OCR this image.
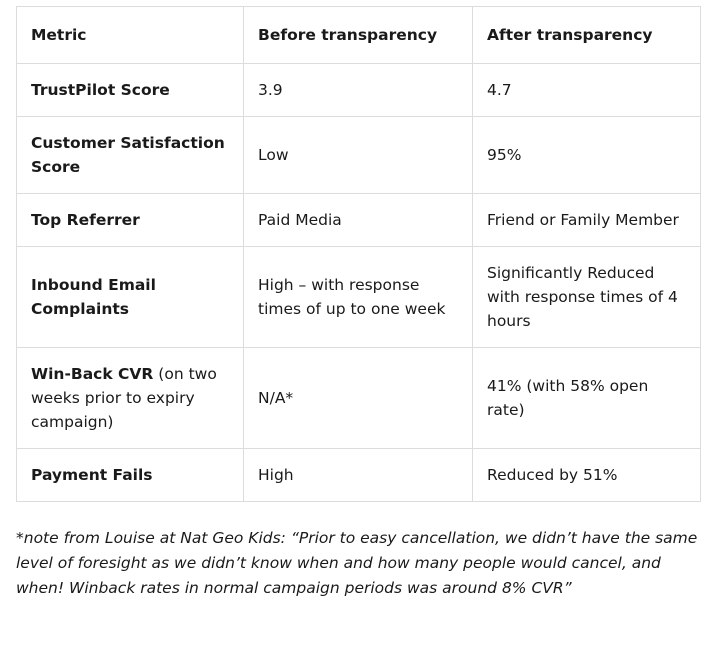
Metric	Before transparency	After transparency
TrustPilot Score	3.9	4.7
Customer Satisfaction Score	Low	95%
Top Referrer	Paid Media	Friend or Family Member
Inbound Email Complaints	High – with response times of up to one week	Significantly Reduced with response times of 4 hours
Win-Back CVR (on two weeks prior to expiry campaign)	N/A*	41% (with 58% open rate)
Payment Fails	High	Reduced by 51%

*note from Louise at Nat Geo Kids: “Prior to easy cancellation, we didn’t have the same level of foresight as we didn’t know when and how many people would cancel, and when! Winback rates in normal campaign periods was around 8% CVR”
